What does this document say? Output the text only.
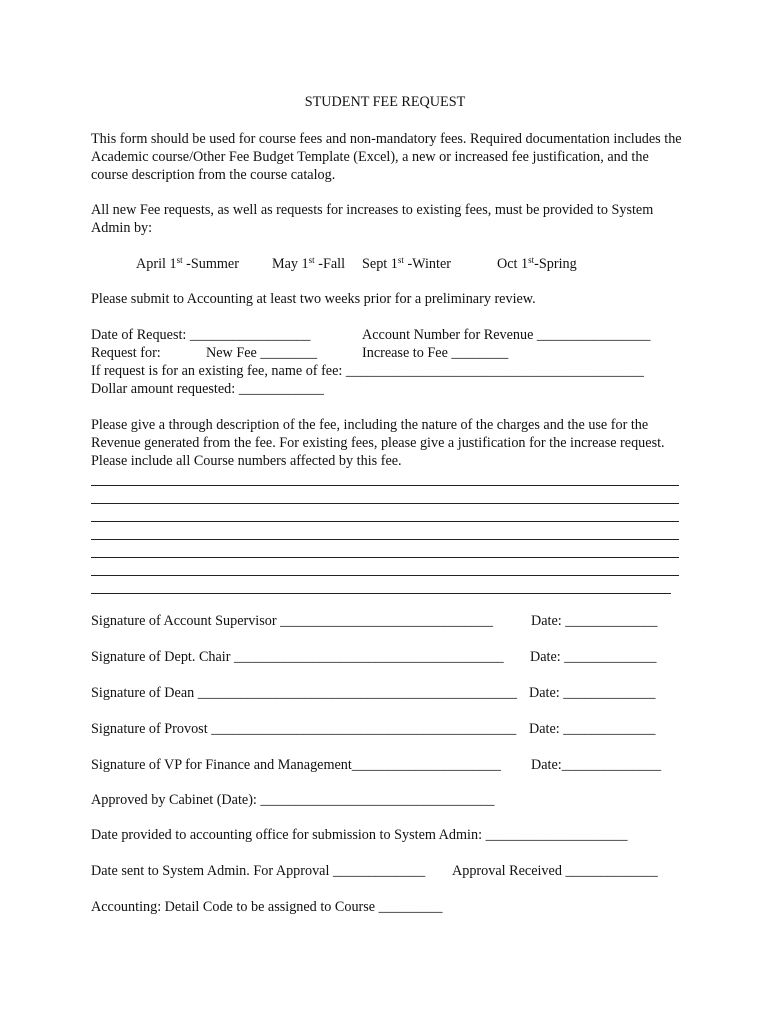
STUDENT FEE REQUEST
This form should be used for course fees and non-mandatory fees. Required documentation includes the Academic course/Other Fee Budget Template (Excel), a new or increased fee justification, and the course description from the course catalog.
All new Fee requests, as well as requests for increases to existing fees, must be provided to System Admin by:
April 1st -Summer May 1st -Fall Sept 1st -Winter	Oct 1st-Spring
Please submit to Accounting at least two weeks prior for a preliminary review.
Date of Request: _________________	Account Number for Revenue ________________
Request for:	New Fee ________	Increase to Fee ________
If request is for an existing fee, name of fee: __________________________________________
Dollar amount requested: ____________
Please give a through description of the fee, including the nature of the charges and the use for the Revenue generated from the fee. For existing fees, please give a justification for the increase request. Please include all Course numbers affected by this fee.
Signature of Account Supervisor ______________________________	Date: _____________
Signature of Dept. Chair ______________________________________ Date: _____________
Signature of Dean _____________________________________________ Date: _____________
Signature of Provost ___________________________________________ Date: _____________
Signature of VP for Finance and Management_____________________ Date:______________
Approved by Cabinet (Date): _________________________________
Date provided to accounting office for submission to System Admin: ____________________
Date sent to System Admin. For Approval _____________ Approval Received _____________
Accounting: Detail Code to be assigned to Course _________
